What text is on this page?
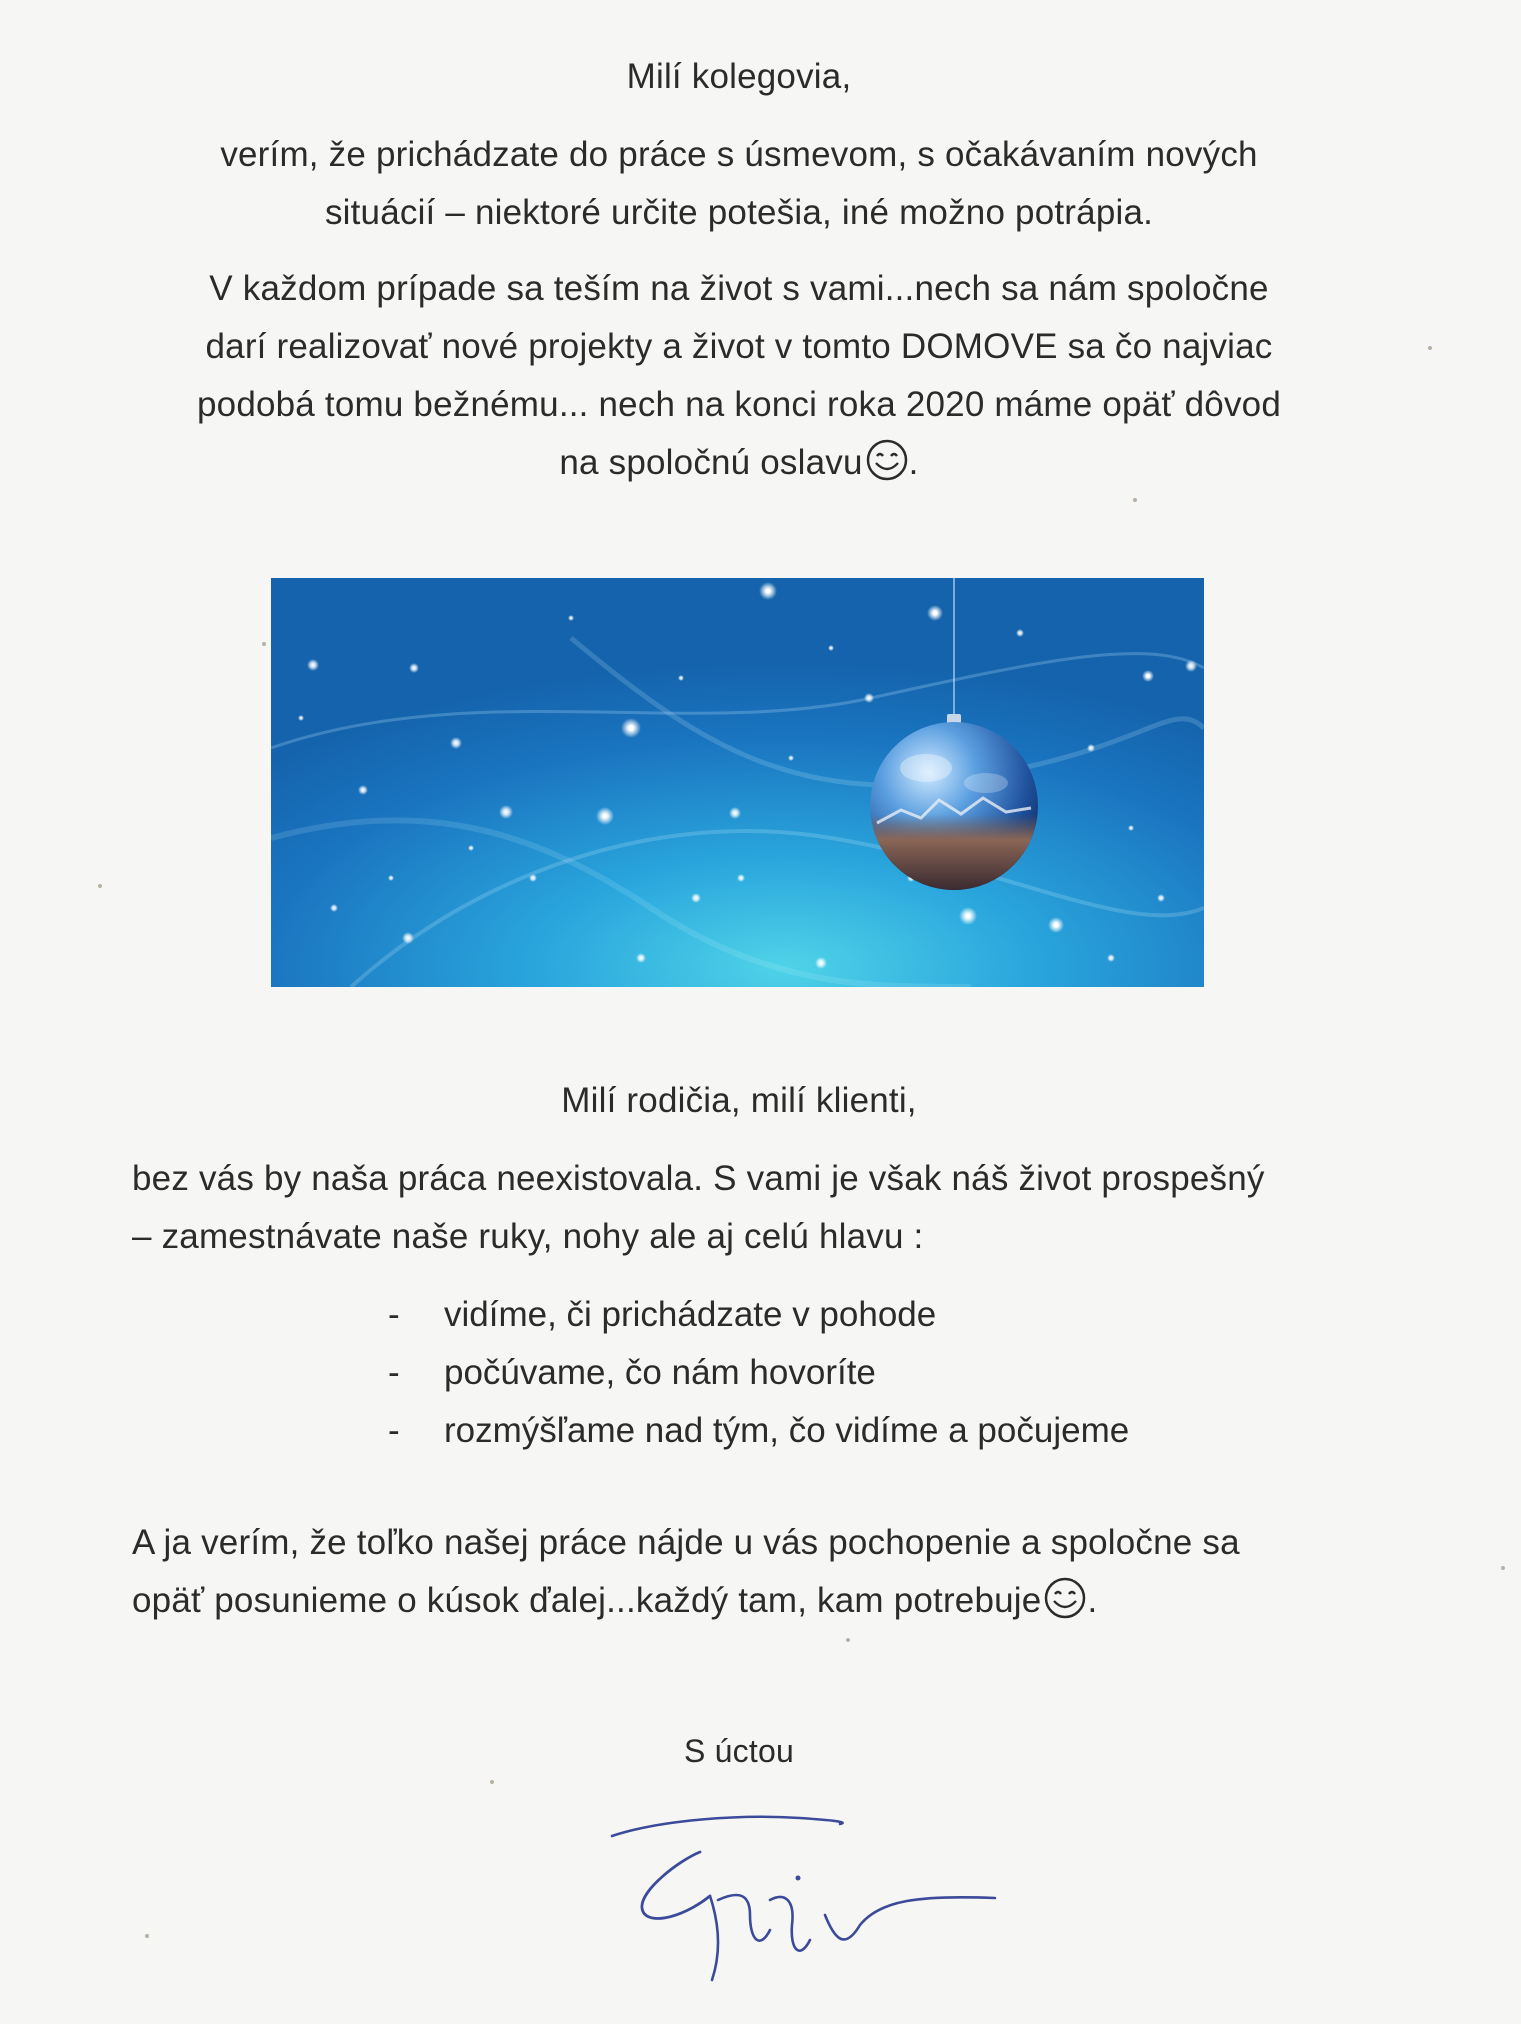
Milí kolegovia,

verím, že prichádzate do práce s úsmevom, s očakávaním nových
situácií – niektoré určite potešia, iné možno potrápia.
V každom prípade sa teším na život s vami...nech sa nám spoločne
darí realizovať nové projekty a život v tomto DOMOVE sa čo najviac
podobá tomu bežnému... nech na konci roka 2020 máme opäť dôvod
na spoločnú oslavu .

Milí rodičia, milí klienti,

bez vás by naša práca neexistovala. S vami je však náš život prospešný
– zamestnávate naše ruky, nohy ale aj celú hlavu :
-	vidíme, či prichádzate v pohode
-	počúvame, čo nám hovoríte
-	rozmýšľame nad tým, čo vidíme a počujeme
A ja verím, že toľko našej práce nájde u vás pochopenie a spoločne sa
opäť posunieme o kúsok ďalej...každý tam, kam potrebuje .

S úctou
